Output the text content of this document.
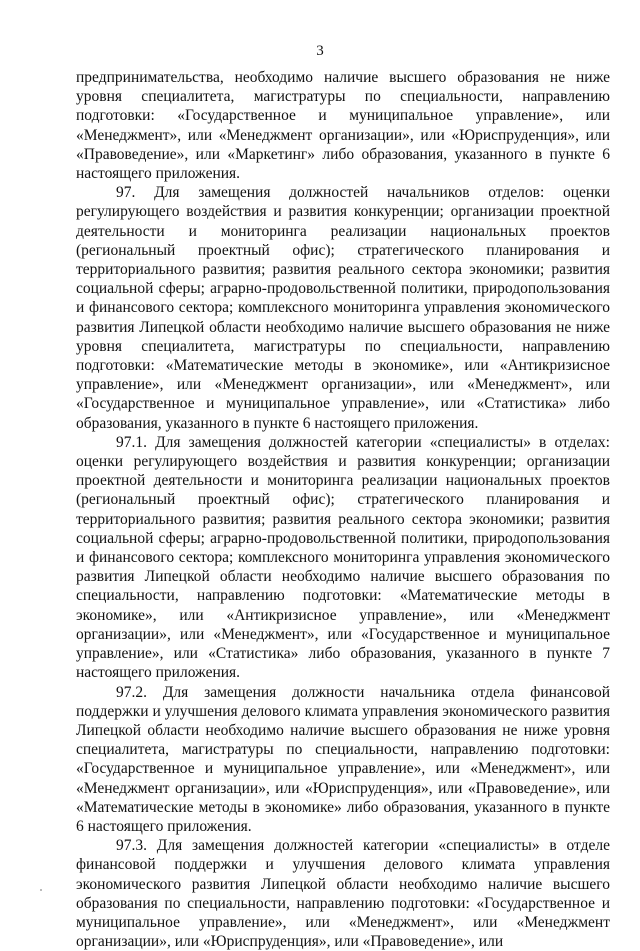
3

предпринимательства, необходимо наличие высшего образования не ниже уровня специалитета, магистратуры по специальности, направлению подготовки: «Государственное и муниципальное управление», или «Менеджмент», или «Менеджмент организации», или «Юриспруденция», или «Правоведение», или «Маркетинг» либо образования, указанного в пункте 6 настоящего приложения.

97. Для замещения должностей начальников отделов: оценки регулирующего воздействия и развития конкуренции; организации проектной деятельности и мониторинга реализации национальных проектов (региональный проектный офис); стратегического планирования и территориального развития; развития реального сектора экономики; развития социальной сферы; аграрно-продовольственной политики, природопользования и финансового сектора; комплексного мониторинга управления экономического развития Липецкой области необходимо наличие высшего образования не ниже уровня специалитета, магистратуры по специальности, направлению подготовки: «Математические методы в экономике», или «Антикризисное управление», или «Менеджмент организации», или «Менеджмент», или «Государственное и муниципальное управление», или «Статистика» либо образования, указанного в пункте 6 настоящего приложения.

97.1. Для замещения должностей категории «специалисты» в отделах: оценки регулирующего воздействия и развития конкуренции; организации проектной деятельности и мониторинга реализации национальных проектов (региональный проектный офис); стратегического планирования и территориального развития; развития реального сектора экономики; развития социальной сферы; аграрно-продовольственной политики, природопользования и финансового сектора; комплексного мониторинга управления экономического развития Липецкой области необходимо наличие высшего образования по специальности, направлению подготовки: «Математические методы в экономике», или «Антикризисное управление», или «Менеджмент организации», или «Менеджмент», или «Государственное и муниципальное управление», или «Статистика» либо образования, указанного в пункте 7 настоящего приложения.

97.2. Для замещения должности начальника отдела финансовой поддержки и улучшения делового климата управления экономического развития Липецкой области необходимо наличие высшего образования не ниже уровня специалитета, магистратуры по специальности, направлению подготовки: «Государственное и муниципальное управление», или «Менеджмент», или «Менеджмент организации», или «Юриспруденция», или «Правоведение», или «Математические методы в экономике» либо образования, указанного в пункте 6 настоящего приложения.

97.3. Для замещения должностей категории «специалисты» в отделе финансовой поддержки и улучшения делового климата управления экономического развития Липецкой области необходимо наличие высшего образования по специальности, направлению подготовки: «Государственное и муниципальное управление», или «Менеджмент», или «Менеджмент организации», или «Юриспруденция», или «Правоведение», или
